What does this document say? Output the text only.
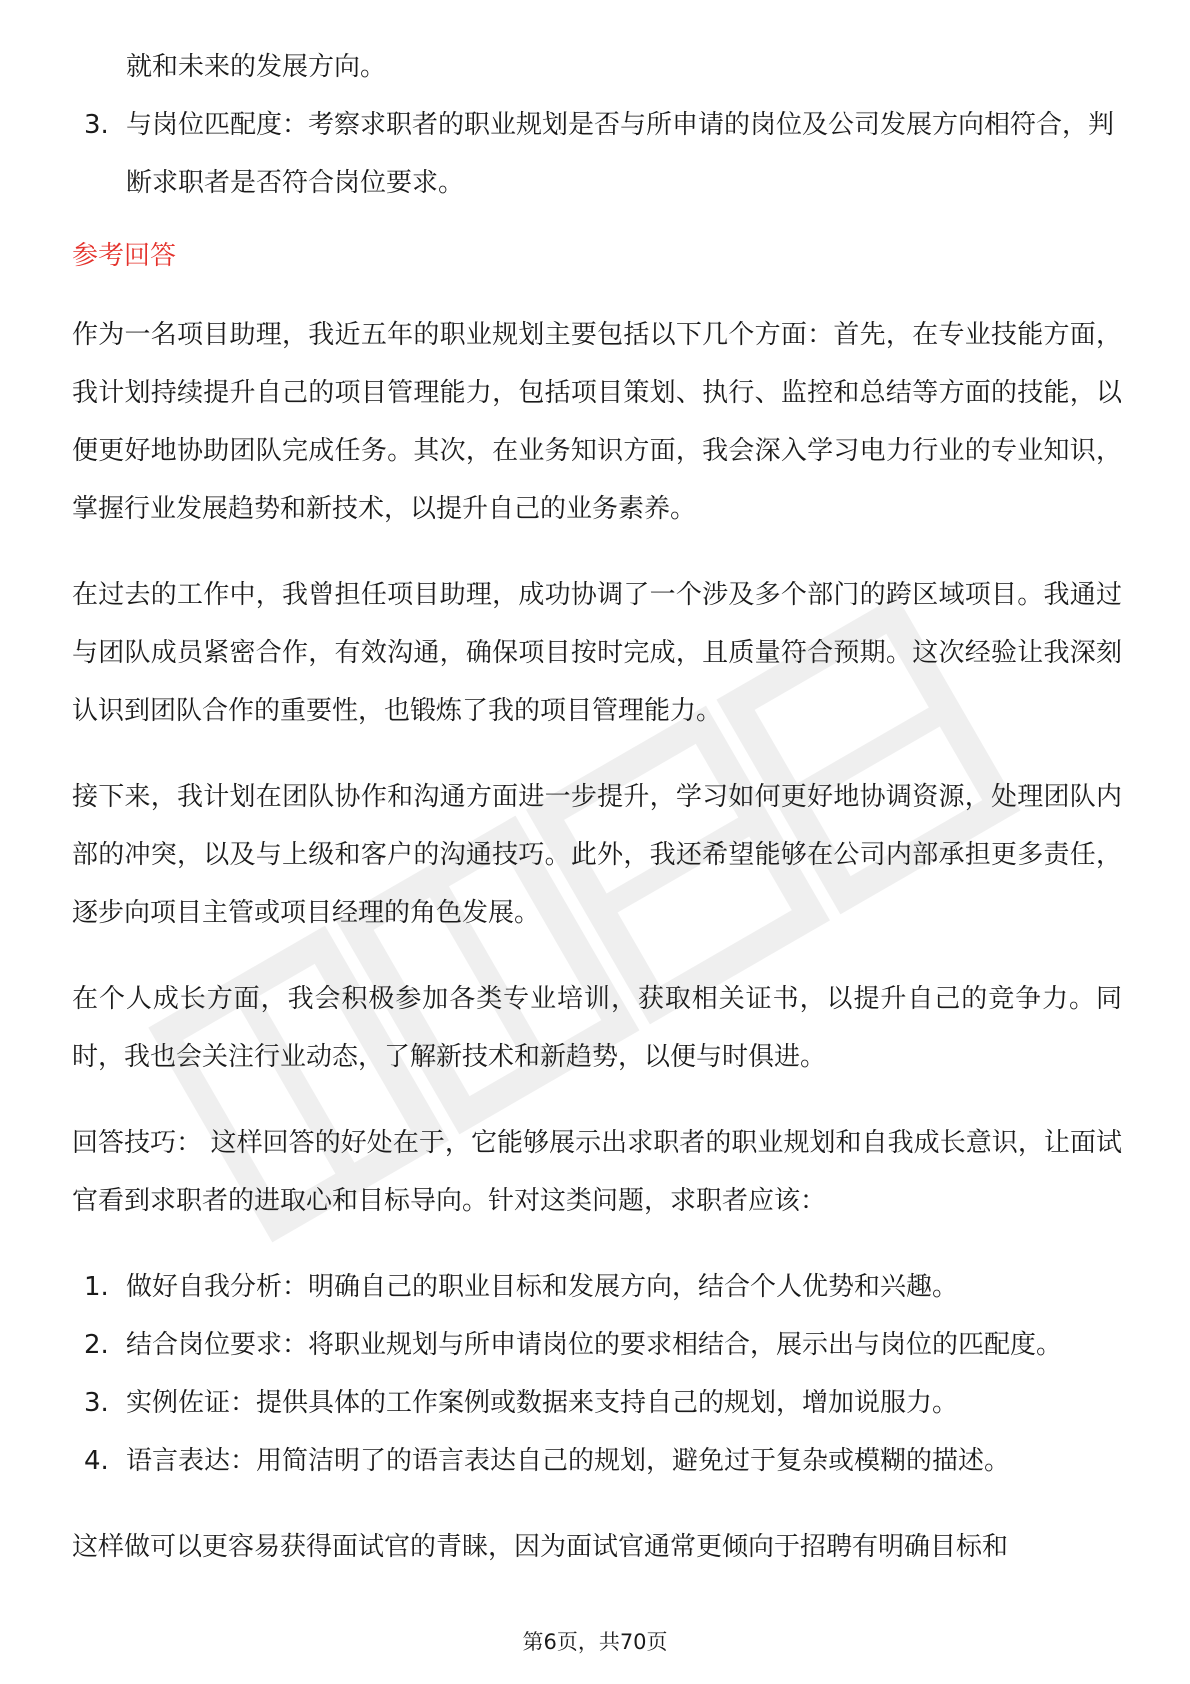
就和未来的发展方向。

3. 与岗位匹配度：考察求职者的职业规划是否与所申请的岗位及公司发展方向相符合，判断求职者是否符合岗位要求。
参考回答

作为一名项目助理，我近五年的职业规划主要包括以下几个方面：首先，在专业技能方面，我计划持续提升自己的项目管理能力，包括项目策划、执行、监控和总结等方面的技能，以便更好地协助团队完成任务。其次，在业务知识方面，我会深入学习电力行业的专业知识，掌握行业发展趋势和新技术，以提升自己的业务素养。

在过去的工作中，我曾担任项目助理，成功协调了一个涉及多个部门的跨区域项目。我通过与团队成员紧密合作，有效沟通，确保项目按时完成，且质量符合预期。这次经验让我深刻认识到团队合作的重要性，也锻炼了我的项目管理能力。

接下来，我计划在团队协作和沟通方面进一步提升，学习如何更好地协调资源，处理团队内部的冲突，以及与上级和客户的沟通技巧。此外，我还希望能够在公司内部承担更多责任，逐步向项目主管或项目经理的角色发展。

在个人成长方面，我会积极参加各类专业培训，获取相关证书，以提升自己的竞争力。同时，我也会关注行业动态，了解新技术和新趋势，以便与时俱进。

回答技巧： 这样回答的好处在于，它能够展示出求职者的职业规划和自我成长意识，让面试官看到求职者的进取心和目标导向。针对这类问题，求职者应该：

1. 做好自我分析：明确自己的职业目标和发展方向，结合个人优势和兴趣。
2. 结合岗位要求：将职业规划与所申请岗位的要求相结合，展示出与岗位的匹配度。
3. 实例佐证：提供具体的工作案例或数据来支持自己的规划，增加说服力。
4. 语言表达：用简洁明了的语言表达自己的规划，避免过于复杂或模糊的描述。

这样做可以更容易获得面试官的青睐，因为面试官通常更倾向于招聘有明确目标和

第6页，共70页
